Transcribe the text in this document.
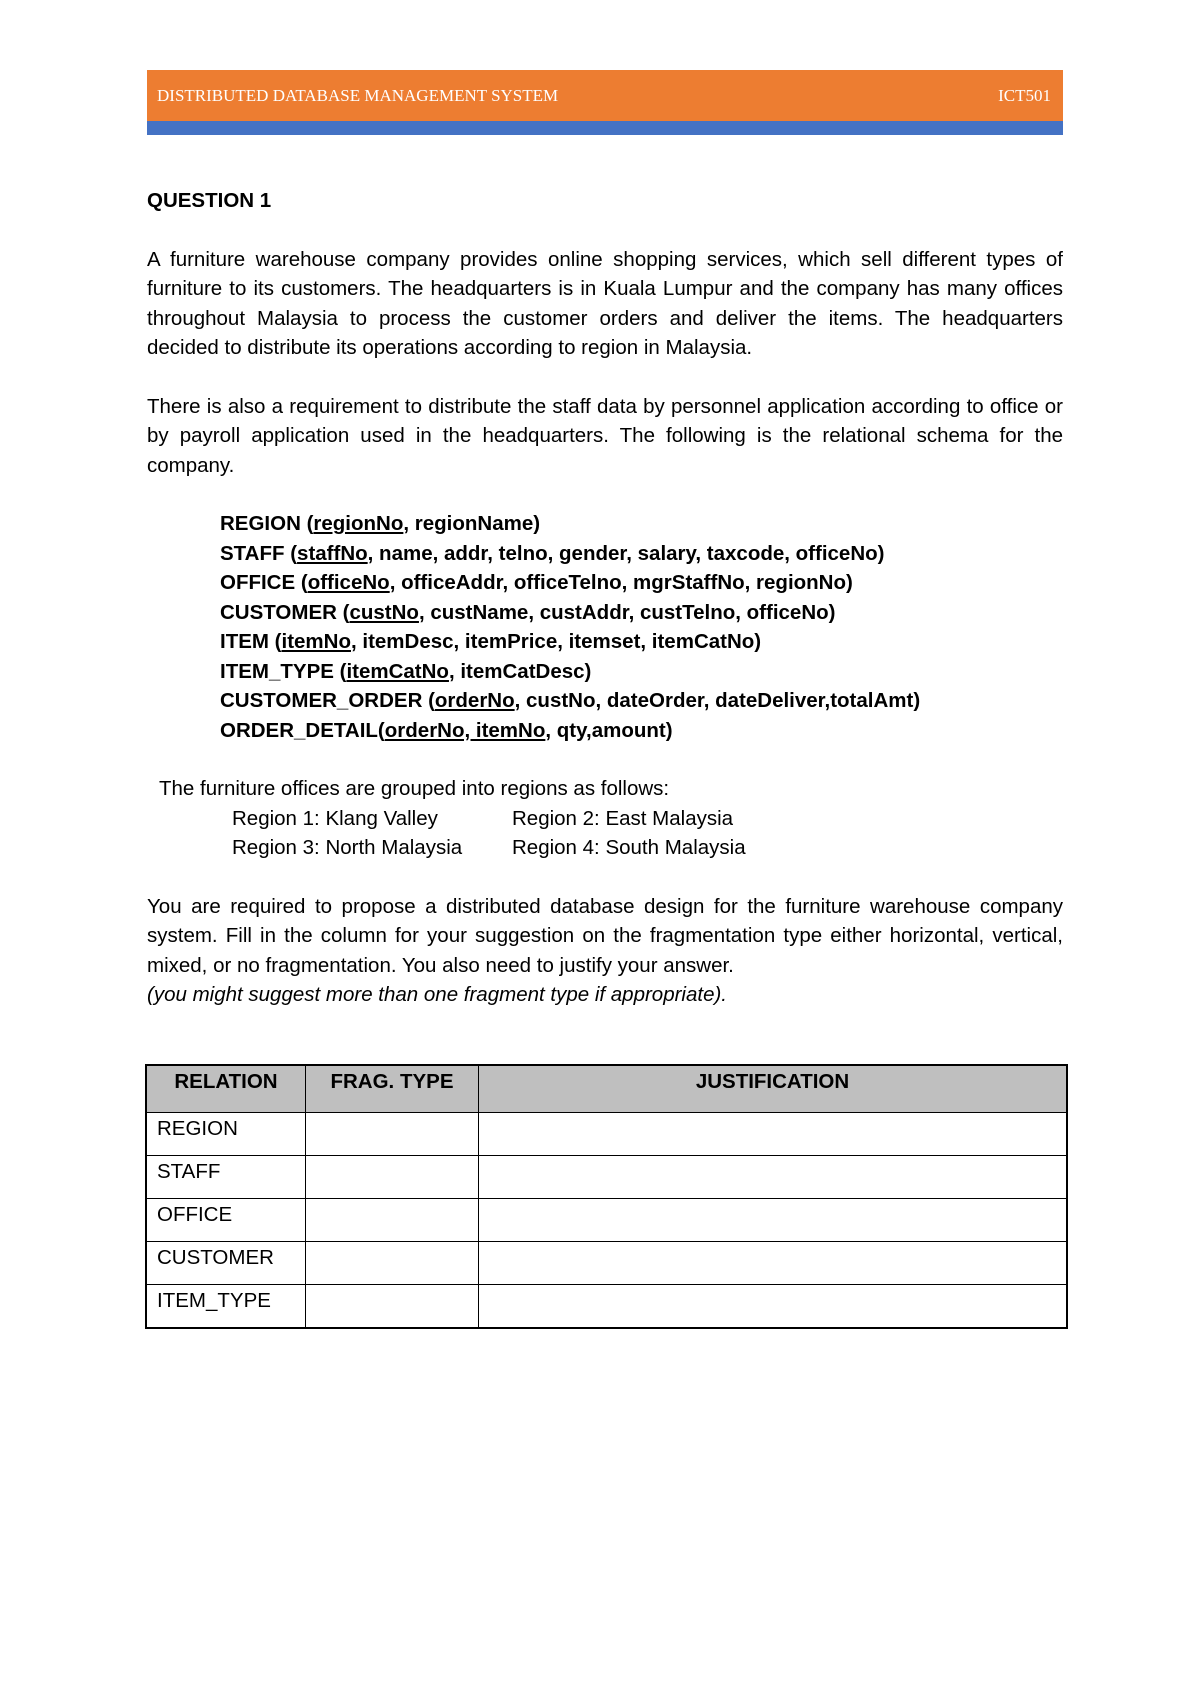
DISTRIBUTED DATABASE MANAGEMENT SYSTEM	ICT501

QUESTION 1

A furniture warehouse company provides online shopping services, which sell different types of furniture to its customers. The headquarters is in Kuala Lumpur and the company has many offices throughout Malaysia to process the customer orders and deliver the items. The headquarters decided to distribute its operations according to region in Malaysia.

There is also a requirement to distribute the staff data by personnel application according to office or by payroll application used in the headquarters. The following is the relational schema for the company.

REGION (regionNo, regionName)
STAFF (staffNo, name, addr, telno, gender, salary, taxcode, officeNo)
OFFICE (officeNo, officeAddr, officeTelno, mgrStaffNo, regionNo)
CUSTOMER (custNo, custName, custAddr, custTelno, officeNo)
ITEM (itemNo, itemDesc, itemPrice, itemset, itemCatNo)
ITEM_TYPE (itemCatNo, itemCatDesc)
CUSTOMER_ORDER (orderNo, custNo, dateOrder, dateDeliver,totalAmt)
ORDER_DETAIL(orderNo, itemNo, qty,amount)
The furniture offices are grouped into regions as follows:
Region 1: Klang Valley	Region 2: East Malaysia
Region 3: North Malaysia	Region 4: South Malaysia

You are required to propose a distributed database design for the furniture warehouse company system. Fill in the column for your suggestion on the fragmentation type either horizontal, vertical, mixed, or no fragmentation. You also need to justify your answer.

(you might suggest more than one fragment type if appropriate).

RELATION	FRAG. TYPE	JUSTIFICATION
REGION		
STAFF		
OFFICE		
CUSTOMER		
ITEM_TYPE		
